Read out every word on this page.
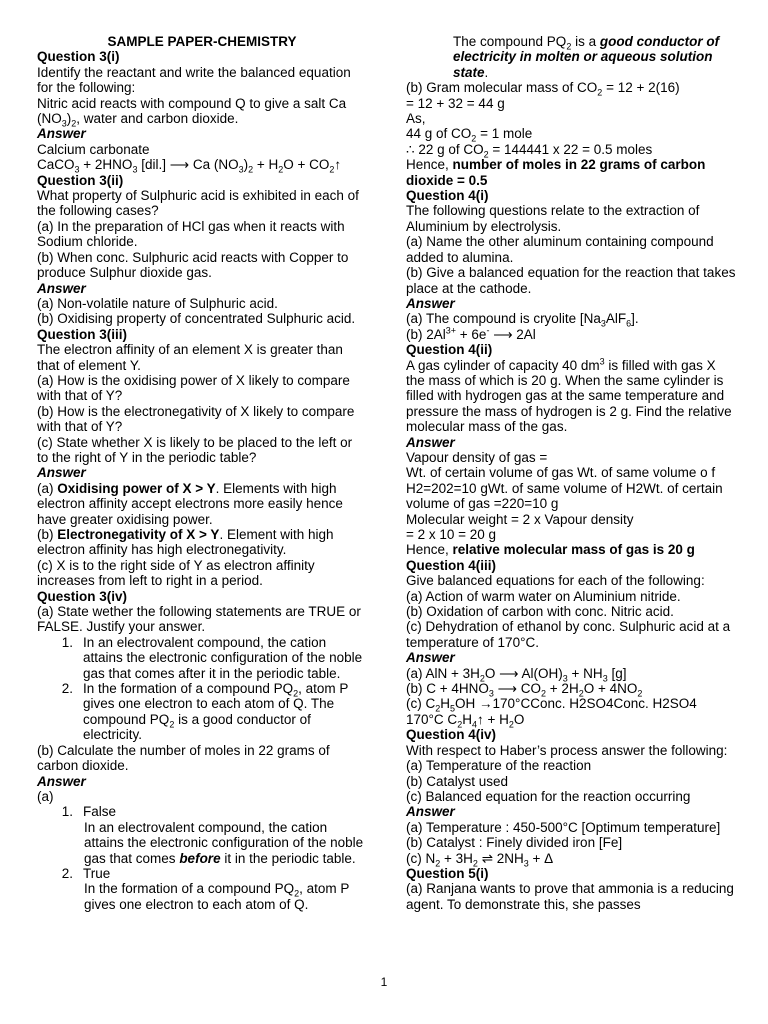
SAMPLE PAPER-CHEMISTRY

Question 3(i)

Identify the reactant and write the balanced equation for the following:

Nitric acid reacts with compound Q to give a salt Ca $(NO_3)_2$, water and carbon dioxide.

Answer

Calcium carbonate

CaCO$_3$ + $2HNO_3$ [dil.] ⟶ Ca $(NO_3)_2 + H_2O$ + $CO_2↑$

Question 3(ii)

What property of Sulphuric acid is exhibited in each of the following cases?

(a) In the preparation of HCl gas when it reacts with Sodium chloride.

(b) When conc. Sulphuric acid reacts with Copper to produce Sulphur dioxide gas.

Answer

(a) Non-volatile nature of Sulphuric acid.

(b) Oxidising property of concentrated Sulphuric acid.

Question 3(iii)

The electron affinity of an element X is greater than that of element Y.

(a) How is the oxidising power of X likely to compare with that of Y?

(b) How is the electronegativity of X likely to compare with that of Y?

(c) State whether X is likely to be placed to the left or to the right of Y in the periodic table?

Answer

(a) Oxidising power of X > Y. Elements with high electron affinity accept electrons more easily hence have greater oxidising power.

(b) Electronegativity of X > Y. Element with high electron affinity has high electronegativity.

(c) X is to the right side of Y as electron affinity increases from left to right in a period.

Question 3(iv)

(a) State wether the following statements are TRUE or FALSE. Justify your answer.

1. In an electrovalent compound, the cation attains the electronic configuration of the noble gas that comes after it in the periodic table.
2. In the formation of a compound $PQ_2$, atom P gives one electron to each atom of Q. The compound $PQ_2$ is a good conductor of electricity.

(b) Calculate the number of moles in 22 grams of carbon dioxide.

Answer

(a)

1. False

In an electrovalent compound, the cation attains the electronic configuration of the noble gas that comes before it in the periodic table.

2. True

In the formation of a compound $PQ_2$, atom P gives one electron to each atom of Q.

The compound $PQ_2$ is a good conductor of electricity in molten or aqueous solution state.

(b) Gram molecular mass of $CO_2 = 12 + 2(16)$

= 12 + 32 = 44 g

As,

44 g of $CO_2 = 1$ mole

∴ 22 g of $CO_2 = 144441$ x 22 = 0.5 moles

Hence, number of moles in 22 grams of carbon dioxide = 0.5

Question 4(i)

The following questions relate to the extraction of Aluminium by electrolysis.

(a) Name the other aluminum containing compound added to alumina.

(b) Give a balanced equation for the reaction that takes place at the cathode.

Answer

(a) The compound is cryolite $[Na_3AlF_6]$.

(b) $2Al^{3+} + 6e^-$ ⟶ 2Al

Question 4(ii)

A gas cylinder of capacity 40 $dm^3$ is filled with gas X the mass of which is 20 g. When the same cylinder is filled with hydrogen gas at the same temperature and pressure the mass of hydrogen is 2 g. Find the relative molecular mass of the gas.

Answer

Vapour density of gas =

Wt. of certain volume of gas Wt. of same volume o f H2=202=10 gWt. of same volume of H2Wt. of certain volume of gas =220=10 g

Molecular weight = 2 x Vapour density

= 2 x 10 = 20 g

Hence, relative molecular mass of gas is 20 g

Question 4(iii)

Give balanced equations for each of the following:

(a) Action of warm water on Aluminium nitride.

(b) Oxidation of carbon with conc. Nitric acid.

(c) Dehydration of ethanol by conc. Sulphuric acid at a temperature of 170°C.

Answer

(a) AlN + $3H_2O$ ⟶ $Al(OH)_3 + NH_3$ [g]

(b) $C + 4HNO_3$ ⟶ $CO_2 + 2H_2O + 4NO_2$

(c) $C_2H_5OH$ →170°CConc. H2SO4Conc. H2SO4 170°C $C_2H_4↑ + H_2O$

Question 4(iv)

With respect to Haber’s process answer the following:

(a) Temperature of the reaction

(b) Catalyst used

(c) Balanced equation for the reaction occurring

Answer

(a) Temperature : 450-500°C [Optimum temperature]

(b) Catalyst : Finely divided iron [Fe]

(c) $N_2 + 3H_2$ ⇌ $2NH_3 + \Delta$

Question 5(i)

(a) Ranjana wants to prove that ammonia is a reducing agent. To demonstrate this, she passes

1
